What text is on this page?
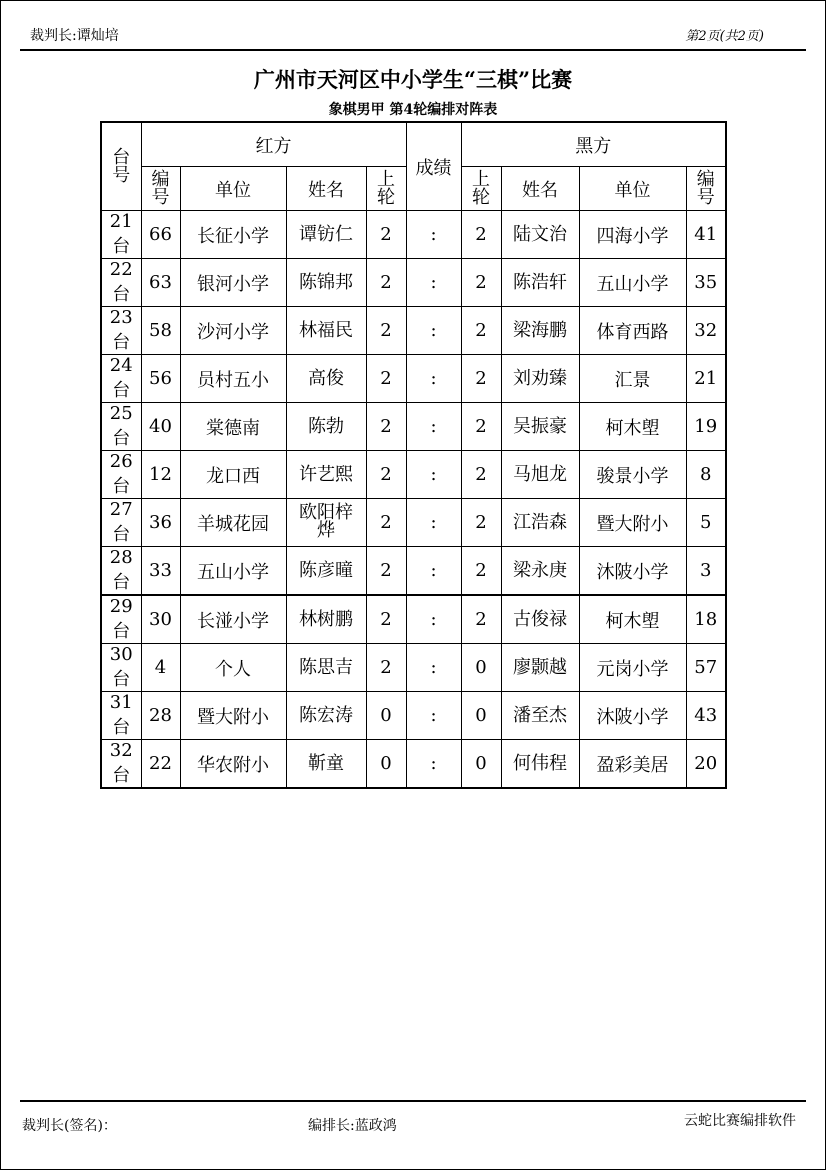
裁判长:谭灿培	第2页(共2页)
广州市天河区中小学生“三棋”比赛
象棋男甲 第4轮编排对阵表
台号	红方				成绩	黑方			

	编号	单位	姓名	上轮		上轮	姓名	单位	编号

21台	66	长征小学	谭钫仁	2	:	2	陆文治	四海小学	41
22台	63	银河小学	陈锦邦	2	:	2	陈浩轩	五山小学	35
23台	58	沙河小学	林福民	2	:	2	梁海鹏	体育西路	32
24台	56	员村五小	高俊	2	:	2	刘劝臻	汇景	21
25台	40	棠德南	陈勃	2	:	2	吴振豪	柯木塱	19
26台	12	龙口西	许艺熙	2	:	2	马旭龙	骏景小学	8
27台	36	羊城花园	欧阳梓烨	2	:	2	江浩森	暨大附小	5
28台	33	五山小学	陈彦曈	2	:	2	梁永庚	沐陂小学	3
29台	30	长湴小学	林树鹏	2	:	2	古俊禄	柯木塱	18
30台	4	个人	陈思吉	2	:	0	廖颢越	元岗小学	57
31台	28	暨大附小	陈宏涛	0	:	0	潘至杰	沐陂小学	43
32台	22	华农附小	靳童	0	:	0	何伟程	盈彩美居	20
裁判长(签名)：	编排长:蓝政鸿	云蛇比赛编排软件
